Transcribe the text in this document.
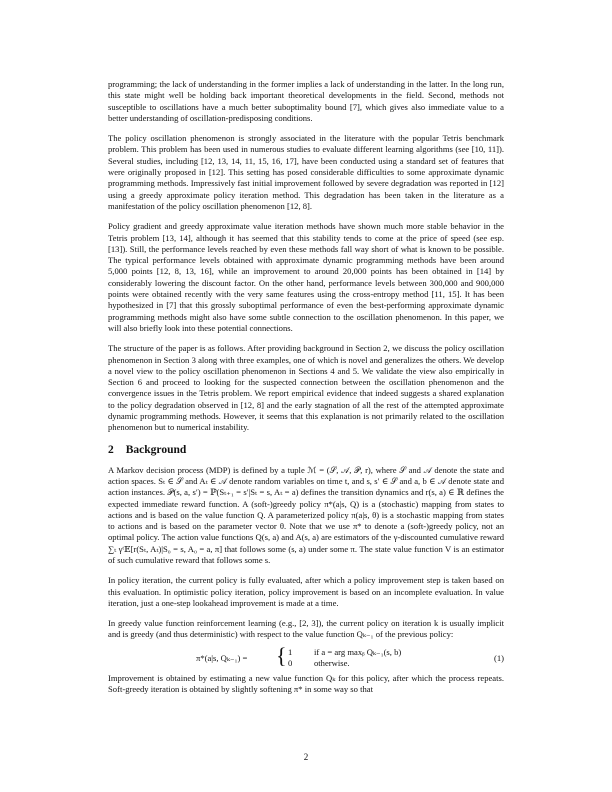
programming; the lack of understanding in the former implies a lack of understanding in the latter. In the long run, this state might well be holding back important theoretical developments in the field. Second, methods not susceptible to oscillations have a much better suboptimality bound [7], which gives also immediate value to a better understanding of oscillation-predisposing conditions.

The policy oscillation phenomenon is strongly associated in the literature with the popular Tetris benchmark problem. This problem has been used in numerous studies to evaluate different learning algorithms (see [10, 11]). Several studies, including [12, 13, 14, 11, 15, 16, 17], have been conducted using a standard set of features that were originally proposed in [12]. This setting has posed considerable difficulties to some approximate dynamic programming methods. Impressively fast initial improvement followed by severe degradation was reported in [12] using a greedy approximate policy iteration method. This degradation has been taken in the literature as a manifestation of the policy oscillation phenomenon [12, 8].

Policy gradient and greedy approximate value iteration methods have shown much more stable behavior in the Tetris problem [13, 14], although it has seemed that this stability tends to come at the price of speed (see esp. [13]). Still, the performance levels reached by even these methods fall way short of what is known to be possible. The typical performance levels obtained with approximate dynamic programming methods have been around 5,000 points [12, 8, 13, 16], while an improvement to around 20,000 points has been obtained in [14] by considerably lowering the discount factor. On the other hand, performance levels between 300,000 and 900,000 points were obtained recently with the very same features using the cross-entropy method [11, 15]. It has been hypothesized in [7] that this grossly suboptimal performance of even the best-performing approximate dynamic programming methods might also have some subtle connection to the oscillation phenomenon. In this paper, we will also briefly look into these potential connections.

The structure of the paper is as follows. After providing background in Section 2, we discuss the policy oscillation phenomenon in Section 3 along with three examples, one of which is novel and generalizes the others. We develop a novel view to the policy oscillation phenomenon in Sections 4 and 5. We validate the view also empirically in Section 6 and proceed to looking for the suspected connection between the oscillation phenomenon and the convergence issues in the Tetris problem. We report empirical evidence that indeed suggests a shared explanation to the policy degradation observed in [12, 8] and the early stagnation of all the rest of the attempted approximate dynamic programming methods. However, it seems that this explanation is not primarily related to the oscillation phenomenon but to numerical instability.

2 Background

A Markov decision process (MDP) is defined by a tuple ℳ = (𝒮, 𝒜, 𝒫, r), where 𝒮 and 𝒜 denote the state and action spaces. Sₜ ∈ 𝒮 and Aₜ ∈ 𝒜 denote random variables on time t, and s, s′ ∈ 𝒮 and a, b ∈ 𝒜 denote state and action instances. 𝒫(s, a, s′) = ℙ(Sₜ₊₁ = s′|Sₜ = s, Aₜ = a) defines the transition dynamics and r(s, a) ∈ ℝ defines the expected immediate reward function. A (soft-)greedy policy π*(a|s, Q) is a (stochastic) mapping from states to actions and is based on the value function Q. A parameterized policy π(a|s, θ) is a stochastic mapping from states to actions and is based on the parameter vector θ. Note that we use π* to denote a (soft-)greedy policy, not an optimal policy. The action value functions Q(s, a) and A(s, a) are estimators of the γ-discounted cumulative reward ∑ₜ γᵗ𝔼[r(Sₜ, Aₜ)|S₀ = s, A₀ = a, π] that follows some (s, a) under some π. The state value function V is an estimator of such cumulative reward that follows some s.

In policy iteration, the current policy is fully evaluated, after which a policy improvement step is taken based on this evaluation. In optimistic policy iteration, policy improvement is based on an incomplete evaluation. In value iteration, just a one-step lookahead improvement is made at a time.

In greedy value function reinforcement learning (e.g., [2, 3]), the current policy on iteration k is usually implicit and is greedy (and thus deterministic) with respect to the value function Qₖ₋₁ of the previous policy:

π*(a|s, Qₖ₋₁) = { 1	if a = arg maxᵦ Qₖ₋₁(s, b)
0	otherwise.	(1)

Improvement is obtained by estimating a new value function Qₖ for this policy, after which the process repeats. Soft-greedy iteration is obtained by slightly softening π* in some way so that

2
